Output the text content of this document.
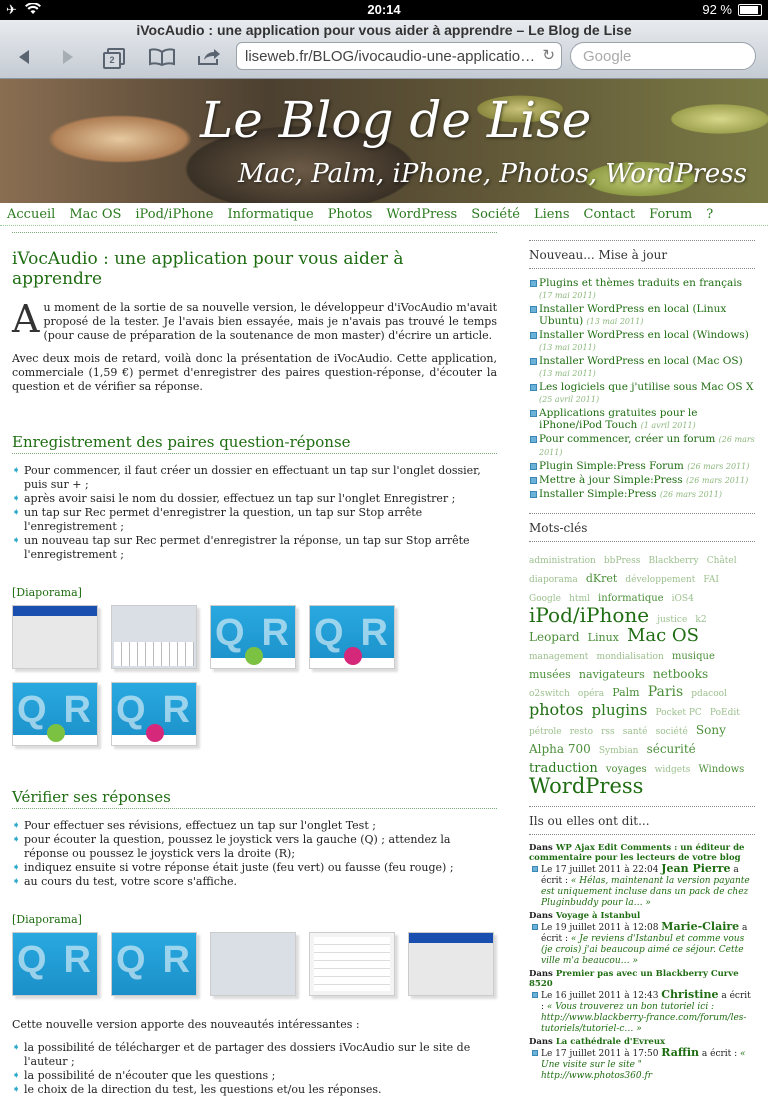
✈	20:14	92 %
iVocAudio : une application pour vous aider à apprendre – Le Blog de Lise
2	liseweb.fr/BLOG/ivocaudio-une-applicatio… ↻	Google
Le Blog de Lise
Mac, Palm, iPhone, Photos, WordPress
Accueil	Mac OS	iPod/iPhone	Informatique	Photos	WordPress	Société	Liens	Contact	Forum	?
iVocAudio : une application pour vous aider à apprendre

Au moment de la sortie de sa nouvelle version, le développeur d'iVocAudio m'avait proposé de la tester. Je l'avais bien essayée, mais je n'avais pas trouvé le temps (pour cause de préparation de la soutenance de mon master) d'écrire un article.

Avec deux mois de retard, voilà donc la présentation de iVocAudio. Cette application, commerciale (1,59 €) permet d'enregistrer des paires question-réponse, d'écouter la question et de vérifier sa réponse.

Enregistrement des paires question-réponse
➧ Pour commencer, il faut créer un dossier en effectuant un tap sur l'onglet dossier, puis sur + ;
➧ après avoir saisi le nom du dossier, effectuez un tap sur l'onglet Enregistrer ;
➧ un tap sur Rec permet d'enregistrer la question, un tap sur Stop arrête l'enregistrement ;
➧ un nouveau tap sur Rec permet d'enregistrer la réponse, un tap sur Stop arrête l'enregistrement ;
[Diaporama]
Q R Q R
Q R Q R
Vérifier ses réponses
➧ Pour effectuer ses révisions, effectuez un tap sur l'onglet Test ;
➧ pour écouter la question, poussez le joystick vers la gauche (Q) ; attendez la réponse ou poussez le joystick vers la droite (R);
➧ indiquez ensuite si votre réponse était juste (feu vert) ou fausse (feu rouge) ;
➧ au cours du test, votre score s'affiche.
[Diaporama]
Q R Q R

Cette nouvelle version apporte des nouveautés intéressantes :

➧ la possibilité de télécharger et de partager des dossiers iVocAudio sur le site de l'auteur ;
➧ la possibilité de n'écouter que les questions ;
➧ le choix de la direction du test, les questions et/ou les réponses.
Nouveau... Mise à jour
Plugins et thèmes traduits en français (17 mai 2011)
Installer WordPress en local (Linux Ubuntu) (13 mai 2011)
Installer WordPress en local (Windows) (13 mai 2011)
Installer WordPress en local (Mac OS) (13 mai 2011)
Les logiciels que j'utilise sous Mac OS X (25 avril 2011)
Applications gratuites pour le iPhone/iPod Touch (1 avril 2011)
Pour commencer, créer un forum (26 mars 2011)
Plugin Simple:Press Forum (26 mars 2011)
Mettre à jour Simple:Press (26 mars 2011)
Installer Simple:Press (26 mars 2011)
Mots-clés
administration bbPress Blackberry Châtel diaporama dKret développement FAI Google html informatique iOS4 iPod/iPhone justice k2 Leopard Linux Mac OS management mondialisation musique musées navigateurs netbooks o2switch opéra Palm Paris pdacool photos plugins Pocket PC PoEdit pétrole resto rss santé société Sony Alpha 700 Symbian sécurité traduction voyages widgets Windows WordPress
Ils ou elles ont dit...
Dans WP Ajax Edit Comments : un éditeur de commentaire pour les lecteurs de votre blog
Le 17 juillet 2011 à 22:04 Jean Pierre a écrit : « Hélas, maintenant la version payante est uniquement incluse dans un pack de chez Pluginbuddy pour la… »
Dans Voyage à Istanbul
Le 19 juillet 2011 à 12:08 Marie-Claire a écrit : « Je reviens d'Istanbul et comme vous (je crois) j'ai beaucoup aimé ce séjour. Cette ville m'a beaucou… »
Dans Premier pas avec un Blackberry Curve 8520
Le 16 juillet 2011 à 12:43 Christine a écrit : « Vous trouverez un bon tutoriel ici : http://www.blackberry-france.com/forum/les-tutoriels/tutoriel-c… »
Dans La cathédrale d'Evreux
Le 17 juillet 2011 à 17:50 Raffin a écrit : « Une visite sur le site " http://www.photos360.fr
